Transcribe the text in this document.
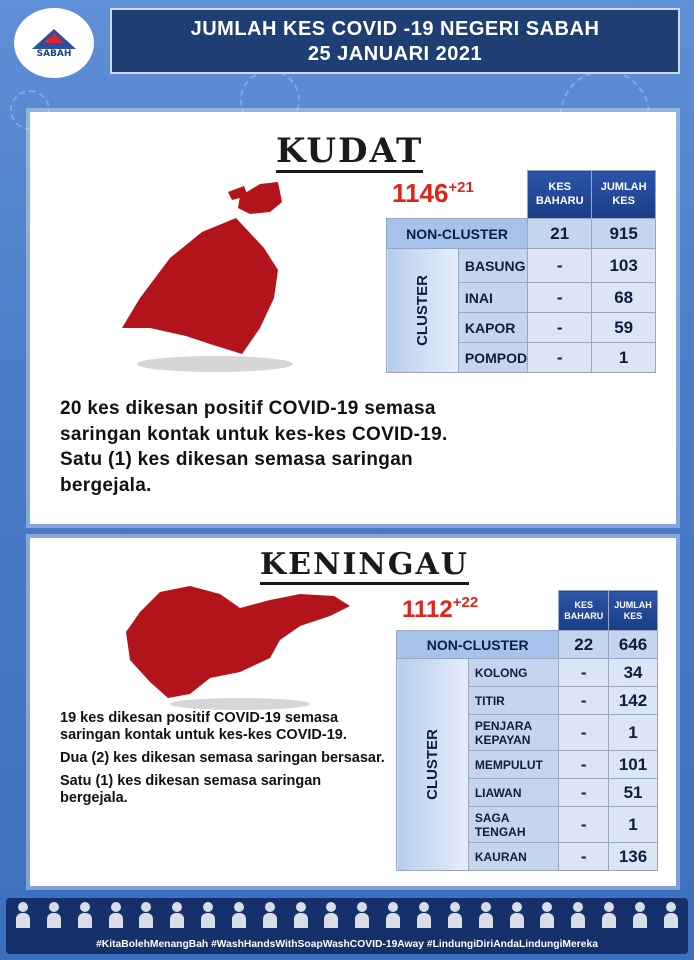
SABAH
JUMLAH KES COVID -19 NEGERI SABAH
25 JANUARI 2021
KUDAT
$1146^{+21}$
		KES BAHARU	JUMLAH KES
NON-CLUSTER		21	915
CLUSTER	BASUNG	-	103
	INAI	-	68
	KAPOR	-	59
	POMPOD	-	1
20 kes dikesan positif COVID-19 semasa
saringan kontak untuk kes-kes COVID-19.
Satu (1) kes dikesan semasa saringan
bergejala.
KENINGAU
$1112^{+22}$
		KES BAHARU	JUMLAH KES
NON-CLUSTER		22	646
CLUSTER	KOLONG	-	34
	TITIR	-	142
	PENJARA KEPAYAN	-	1
	MEMPULUT	-	101
	LIAWAN	-	51
	SAGA TENGAH	-	1
	KAURAN	-	136

19 kes dikesan positif COVID-19 semasa saringan kontak untuk kes-kes COVID-19.

Dua (2) kes dikesan semasa saringan bersasar.

Satu (1) kes dikesan semasa saringan bergejala.

#KitaBolehMenangBah #WashHandsWithSoapWashCOVID-19Away #LindungiDiriAndaLindungiMereka
